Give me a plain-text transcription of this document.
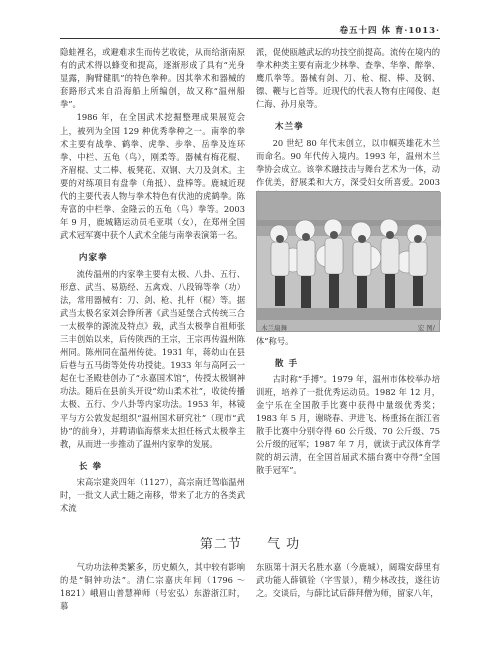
卷五十四 体 育·1013·

隐蛙裡名，或避难求生而传艺收徒，从而给浙南原有的武术得以蜂变和提高，逐渐形成了具有“光身显露，胸臂健肌”的特色拳种。因其拳术和器械的套路形式来自沿海船上所编创，故又称“温州船拳”。

1986 年，在全国武术挖掘整理成果展览会上，被列为全国 129 种优秀拳种之一。南拳的拳术主要有战拳、鹤拳、虎拳、步拳、岳拳及连环拳、中栏、五龟（鸟），刚柔等。器械有梅花棍、齐眉棍、丈二棒、板凳花、双钢、大刀及剑术。主要的对练项目有盘拳（角抵）、盘棒等。鹿城近现代的主要代表人物与拳术特色有伏池的虎鹤拳。陈寿富的中栏拳、金隆云的五龟（鸟）拳等。2003 年 9 月，鹿城籍运动员毛亚琪（女），在郑州全国武术冠军赛中获个人武术全能与南拳表演第一名。

内家拳

流传温州的内家拳主要有太极、八卦、五行、形意、武当、易筋经、五禽戏、八段锦等拳（功）法，常用器械有：刀、剑、枪、扎杆（棍）等。据武当太极名家刘会铮所著《武当延堡合式传统三合一太极拳的源流及特点》载，武当太极拳自祖师张三丰创始以来，后传陕西的王宗，王宗再传温州陈州同。陈州同在温州传徒。1931 年，蒋幼山在县后巷与五马街等处传功授徒。1933 年与高阿云一起在七圣殿巷创办了“永嘉国术馆”，传授太极钢神功法。随后在县前头开设“幼山柔术社”，收徒传播太极、五行、少八卦等内家功法。1953 年，林镜平与方公敦发起组织“温州国术研究社”（现市“武协”的前身），并聘请临海蔡来太担任杨式太极拳主教，从而进一步推动了温州内家拳的发展。

长 拳

宋高宗建炎四年（1127），高宗南迁驾临温州时，一批文人武士随之南移，带来了北方的各类武术流

派，促使瓯越武坛的功技空前提高。流传在境内的拳术种类主要有南北少林拳、查拳、华拳、醉拳、鹰爪拳等。器械有剑、刀、枪、棍、棒、及钢、镖、鞭与匕首等。近现代的代表人物有庄闻俊、赵仁海、孙月泉等。

木兰拳

20 世纪 80 年代末创立，以巾帼英雄花木兰而命名。90 年代传入境内。1993 年，温州木兰拳协会成立。该拳术融技击与舞台艺术为一体，动作优美，舒展柔和大方，深受妇女所喜爱。2003

木兰扇舞	宏 图/

体”称号。

散 手

古时称“手搏”。1979 年，温州市体校举办培训班，培养了一批优秀运动员。1982 年 12 月，金宁乐在全国散手比赛中获得中量级优秀奖；1983 年 5 月，谢晓春、尹进飞、杨重扬在浙江省散手比赛中分别夺得 60 公斤级、70 公斤级、75 公斤级的冠军；1987 年 7 月，就读于武汉体育学院的胡云清，在全国首届武术擂台赛中夺得“全国散手冠军”。

第二节 气 功

气功功法种类繁多，历史颇久，其中较有影响的是“铜钟功法”。清仁宗嘉庆年间（1796 ～ 1821）峨眉山普慧禅师（号宏弘）东游浙江时，慕

东瓯第十洞天名胜水嘉（今鹿城），阔瑞安薛里有武功能人薛镇铨（字雪景），精少林改技，遂往访之。交谈后，与薛比试后薛拜僧为师，留家八年，
